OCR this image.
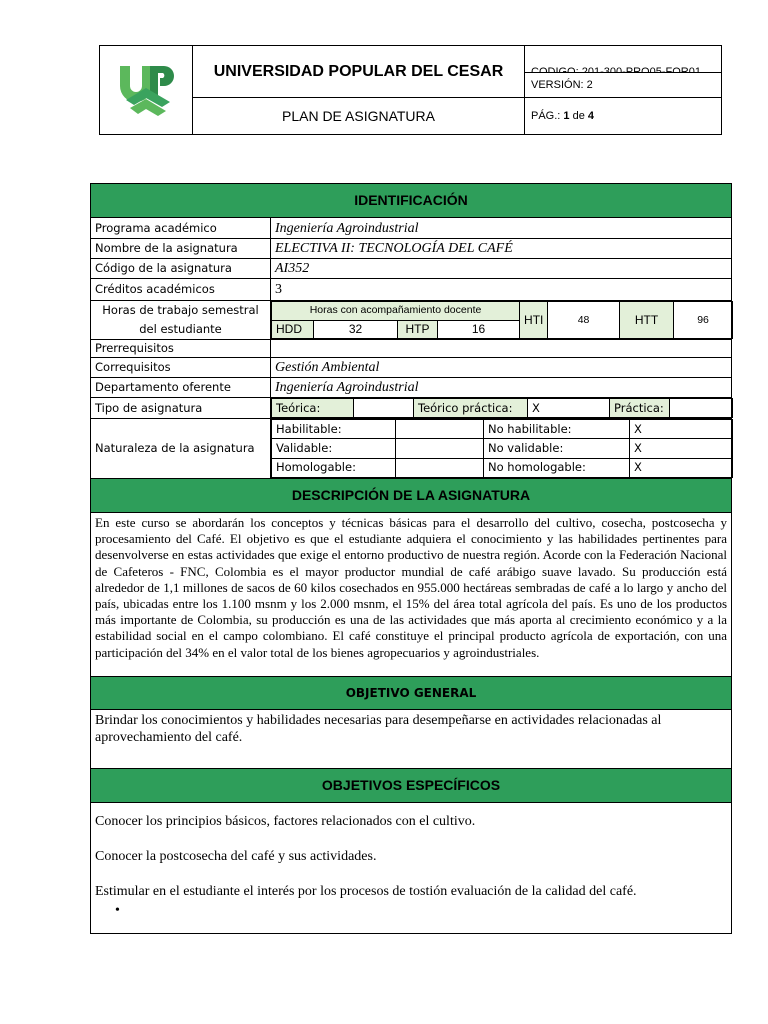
	UNIVERSIDAD POPULAR DEL CESAR	
	PLAN DE ASIGNATURA	PÁG.: 1 de 4
VERSIÓN: 2
IDENTIFICACIÓN
Programa académico	Ingeniería Agroindustrial
Nombre de la asignatura	ELECTIVA II: TECNOLOGÍA DEL CAFÉ
Código de la asignatura	AI352
Créditos académicos	3
Horas de trabajo semestral
del estudiante	
Horas con acompañamiento docente	HTI	48	HTT	96
HDD	32	HTP	16

Prerrequisitos	
Correquisitos	Gestión Ambiental
Departamento oferente	Ingeniería Agroindustrial
Tipo de asignatura		Teórica:		Teórico práctica:	X	Práctica:	

Naturaleza de la asignatura	
Habilitable:		No habilitable:	X
Validable:		No validable:	X
Homologable:		No homologable:	X

DESCRIPCIÓN DE LA ASIGNATURA
En este curso se abordarán los conceptos y técnicas básicas para el desarrollo del cultivo, cosecha, postcosecha y procesamiento del Café. El objetivo es que el estudiante adquiera el conocimiento y las habilidades pertinentes para desenvolverse en estas actividades que exige el entorno productivo de nuestra región. Acorde con la Federación Nacional de Cafeteros - FNC, Colombia es el mayor productor mundial de café arábigo suave lavado. Su producción está alrededor de 1,1 millones de sacos de 60 kilos cosechados en 955.000 hectáreas sembradas de café a lo largo y ancho del país, ubicadas entre los 1.100 msnm y los 2.000 msnm, el 15% del área total agrícola del país. Es uno de los productos más importante de Colombia, su producción es una de las actividades que más aporta al crecimiento económico y a la estabilidad social en el campo colombiano. El café constituye el principal producto agrícola de exportación, con una participación del 34% en el valor total de los bienes agropecuarios y agroindustriales.
OBJETIVO GENERAL
Brindar los conocimientos y habilidades necesarias para desempeñarse en actividades relacionadas al aprovechamiento del café.
OBJETIVOS ESPECÍFICOS

Conocer los principios básicos, factores relacionados con el cultivo.
Conocer la postcosecha del café y sus actividades.
Estimular en el estudiante el interés por los procesos de tostión evaluación de la calidad del café.
•
